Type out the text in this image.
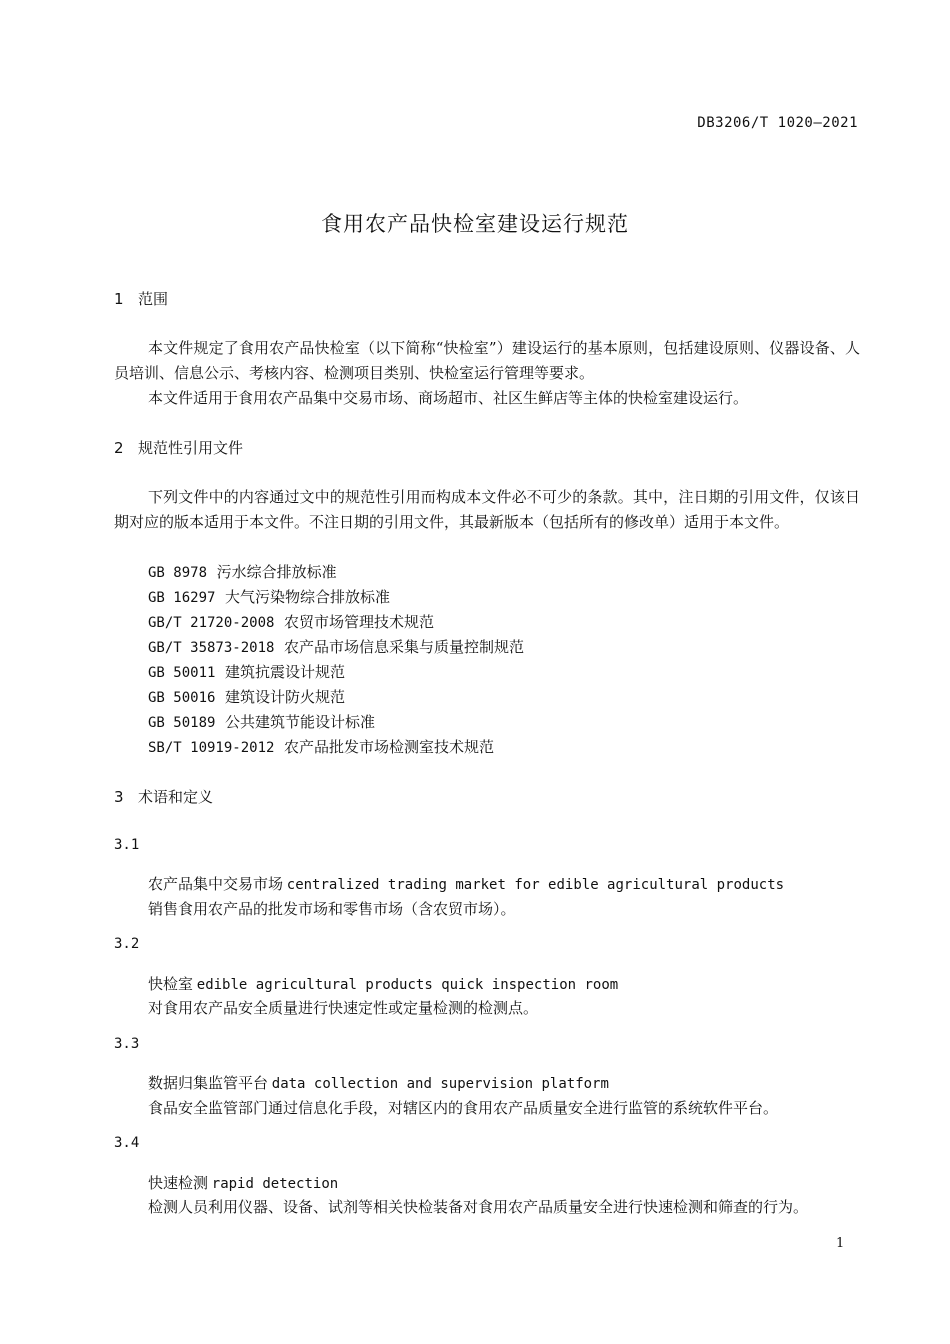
DB3206/T 1020—2021
食用农产品快检室建设运行规范
1 范围
本文件规定了食用农产品快检室（以下简称“快检室”）建设运行的基本原则，包括建设原则、仪器设备、人员培训、信息公示、考核内容、检测项目类别、快检室运行管理等要求。
本文件适用于食用农产品集中交易市场、商场超市、社区生鲜店等主体的快检室建设运行。
2 规范性引用文件
下列文件中的内容通过文中的规范性引用而构成本文件必不可少的条款。其中，注日期的引用文件，仅该日期对应的版本适用于本文件。不注日期的引用文件，其最新版本（包括所有的修改单）适用于本文件。
GB 8978 污水综合排放标准
GB 16297 大气污染物综合排放标准
GB/T 21720-2008 农贸市场管理技术规范
GB/T 35873-2018 农产品市场信息采集与质量控制规范
GB 50011 建筑抗震设计规范
GB 50016 建筑设计防火规范
GB 50189 公共建筑节能设计标准
SB/T 10919-2012 农产品批发市场检测室技术规范
3 术语和定义
3.1
农产品集中交易市场 centralized trading market for edible agricultural products
销售食用农产品的批发市场和零售市场（含农贸市场）。
3.2
快检室 edible agricultural products quick inspection room
对食用农产品安全质量进行快速定性或定量检测的检测点。
3.3
数据归集监管平台 data collection and supervision platform
食品安全监管部门通过信息化手段，对辖区内的食用农产品质量安全进行监管的系统软件平台。
3.4
快速检测 rapid detection
检测人员利用仪器、设备、试剂等相关快检装备对食用农产品质量安全进行快速检测和筛查的行为。
1
